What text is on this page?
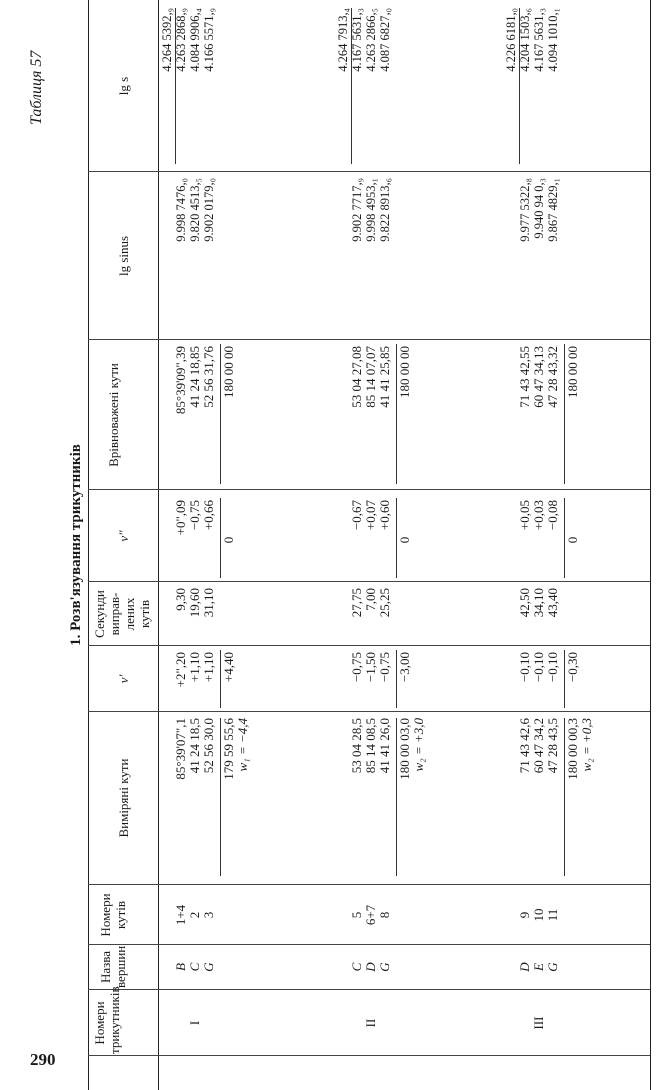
290
Таблиця 57
1. Розв'язування трикутників
Номери трикутників
Назва вершин
Номери кутів
Виміряні кути
v'
Секунди виправ- лених кутів
v"
Врівноважені кути
lg sinus
lg s
I
B C G
1+4 2 3
85°39'07",1 41 24 18,5 52 56 30,0 179 59 55,6 w₁ = −4,4
+2",20 +1,10 +1,10 +4,40
9,30 19,60 31,10
+0",09 −0,75 +0,66
0
85°39'09",39 41 24 18,85 52 56 31,76 180 00 00
9.998 7476,₀ 9.820 4513,₅ 9.902 0179,₀
4.264 5392,₉ 4.263 2868,₉ 4.084 9906,₄ 4.166 5571,₉
II
C D G
5 6+7 8
53 04 28,5 85 14 08,5 41 41 26,0 180 00 03,0 w₂ = +3,0
−0,75 −1,50 −0,75 −3,00
27,75 7,00 25,25
−0,67 +0,07 +0,60
0
53 04 27,08 85 14 07,07 41 41 25,85 180 00 00
9.902 7717,₉ 9.998 4953,₁ 9.822 8913,₆
4.264 7913,₄ 4.167 5631,₃ 4.263 2866,₅ 4.087 6827,₀
III
D E G
9 10 11
71 43 42,6 60 47 34,2 47 28 43,5 180 00 00,3 w₂ = +0,3
−0,10 −0,10 −0,10 −0,30
42,50 34,10 43,40
+0,05 +0,03 −0,08
0
71 43 42,55 60 47 34,13 47 28 43,32 180 00 00
9.977 5322,₈ 9.940 94 0,₃ 9.867 4829,₁
4.226 6181,₀ 4.204 1503,₆ 4.167 5631,₃ 4.094 1010,₁
